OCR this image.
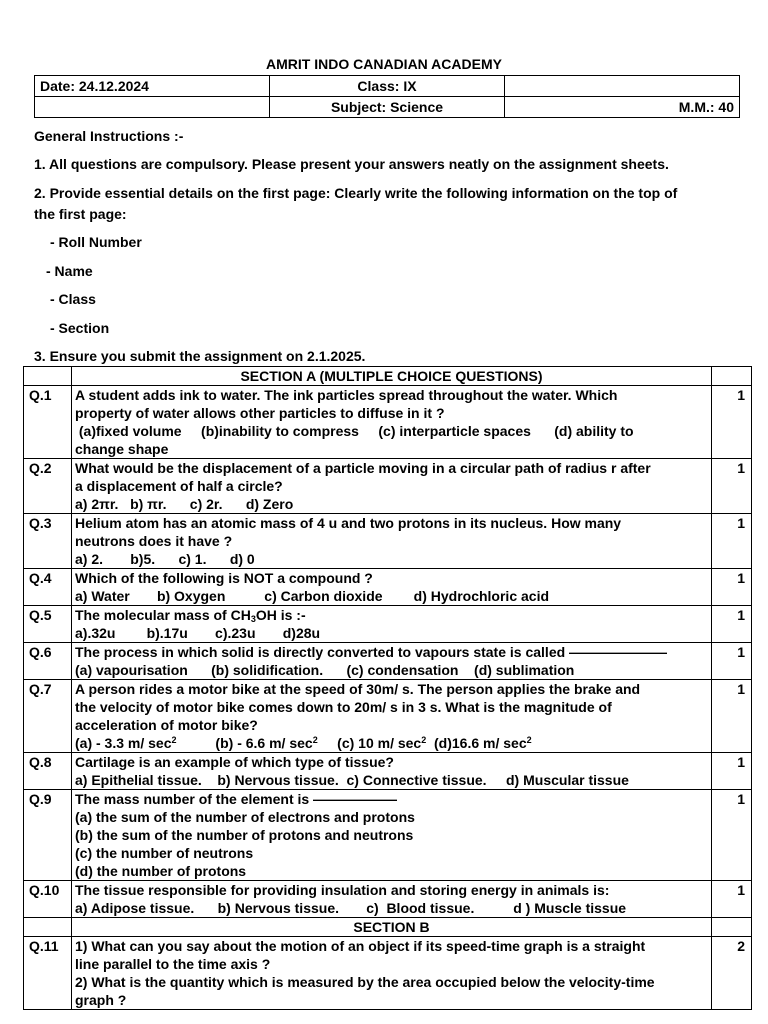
AMRIT INDO CANADIAN ACADEMY
Date: 24.12.2024	Class: IX	
	Subject: Science	M.M.: 40
General Instructions :-
1. All questions are compulsory. Please present your answers neatly on the assignment sheets.
2. Provide essential details on the first page: Clearly write the following information on the top of
the first page:
- Roll Number
- Name
- Class
- Section
3. Ensure you submit the assignment on 2.1.2025.
	SECTION A (MULTIPLE CHOICE QUESTIONS)	
Q.1	A student adds ink to water. The ink particles spread throughout the water. Which
property of water allows other particles to diffuse in it ?
(a)fixed volume     (b)inability to compress     (c) interparticle spaces      (d) ability to
change shape	1
Q.2	What would be the displacement of a particle moving in a circular path of radius r after
a displacement of half a circle?
a) 2πr.   b) πr.      c) 2r.      d) Zero	1
Q.3	Helium atom has an atomic mass of 4 u and two protons in its nucleus. How many
neutrons does it have ?
a) 2.       b)5.      c) 1.      d) 0	1
Q.4	Which of the following is NOT a compound ?
a) Water       b) Oxygen          c) Carbon dioxide        d) Hydrochloric acid	1
Q.5	The molecular mass of $CH_3OH$ is :-
a).32u        b).17u       c).23u       d)28u	1
Q.6	The process in which solid is directly converted to vapours state is called ———————
(a) vapourisation      (b) solidification.      (c) condensation    (d) sublimation	1
Q.7	A person rides a motor bike at the speed of 30m/ s. The person applies the brake and
the velocity of motor bike comes down to 20m/ s in 3 s. What is the magnitude of
acceleration of motor bike?
(a) - 3.3 m/ $\sec^2 (b) - 6.6$ m/ $\sec^2 (c)$ 10 m/ $\sec^2 (d)16.6$ m/ $\sec^2$	1
Q.8	Cartilage is an example of which type of tissue?
a) Epithelial tissue.    b) Nervous tissue.  c) Connective tissue.     d) Muscular tissue	1
Q.9	The mass number of the element is ——————
(a) the sum of the number of electrons and protons
(b) the sum of the number of protons and neutrons
(c) the number of neutrons
(d) the number of protons	1
Q.10	The tissue responsible for providing insulation and storing energy in animals is:
a) Adipose tissue.      b) Nervous tissue.       c)  Blood tissue.          d ) Muscle tissue	1
	SECTION B	
Q.11	1) What can you say about the motion of an object if its speed-time graph is a straight
line parallel to the time axis ?
2) What is the quantity which is measured by the area occupied below the velocity-time
graph ?	2
